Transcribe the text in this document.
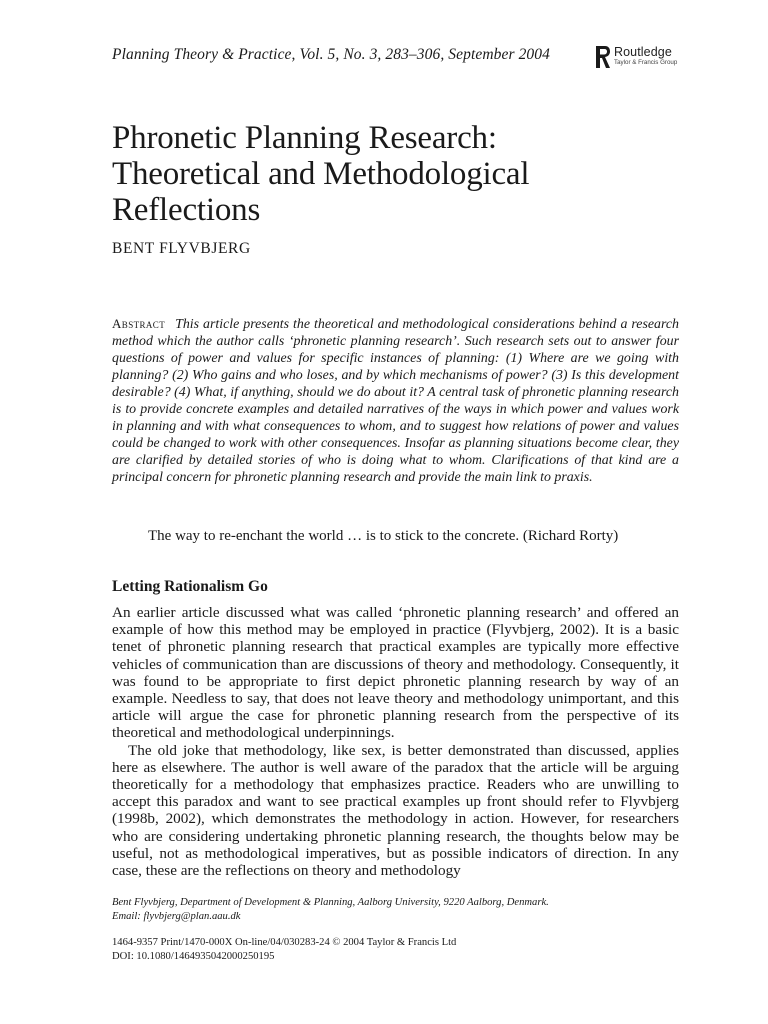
Planning Theory & Practice, Vol. 5, No. 3, 283–306, September 2004	Routledge
Taylor & Francis Group
Phronetic Planning Research:
Theoretical and Methodological
Reflections
BENT FLYVBJERG

Abstract This article presents the theoretical and methodological considerations behind a research method which the author calls ‘phronetic planning research’. Such research sets out to answer four questions of power and values for specific instances of planning: (1) Where are we going with planning? (2) Who gains and who loses, and by which mechanisms of power? (3) Is this development desirable? (4) What, if anything, should we do about it? A central task of phronetic planning research is to provide concrete examples and detailed narratives of the ways in which power and values work in planning and with what consequences to whom, and to suggest how relations of power and values could be changed to work with other consequences. Insofar as planning situations become clear, they are clarified by detailed stories of who is doing what to whom. Clarifications of that kind are a principal concern for phronetic planning research and provide the main link to praxis.

The way to re-enchant the world … is to stick to the concrete. (Richard Rorty)
Letting Rationalism Go

An earlier article discussed what was called ‘phronetic planning research’ and offered an example of how this method may be employed in practice (Flyvbjerg, 2002). It is a basic tenet of phronetic planning research that practical examples are typically more effective vehicles of communication than are discussions of theory and methodology. Consequently, it was found to be appropriate to first depict phronetic planning research by way of an example. Needless to say, that does not leave theory and methodology unimportant, and this article will argue the case for phronetic planning research from the perspective of its theoretical and methodological underpinnings.

The old joke that methodology, like sex, is better demonstrated than discussed, applies here as elsewhere. The author is well aware of the paradox that the article will be arguing theoretically for a methodology that emphasizes practice. Readers who are unwilling to accept this paradox and want to see practical examples up front should refer to Flyvbjerg (1998b, 2002), which demonstrates the methodology in action. However, for researchers who are considering undertaking phronetic planning research, the thoughts below may be useful, not as methodological imperatives, but as possible indicators of direction. In any case, these are the reflections on theory and methodology

Bent Flyvbjerg, Department of Development & Planning, Aalborg University, 9220 Aalborg, Denmark.
Email: flyvbjerg@plan.aau.dk
1464-9357 Print/1470-000X On-line/04/030283-24 © 2004 Taylor & Francis Ltd
DOI: 10.1080/1464935042000250195
